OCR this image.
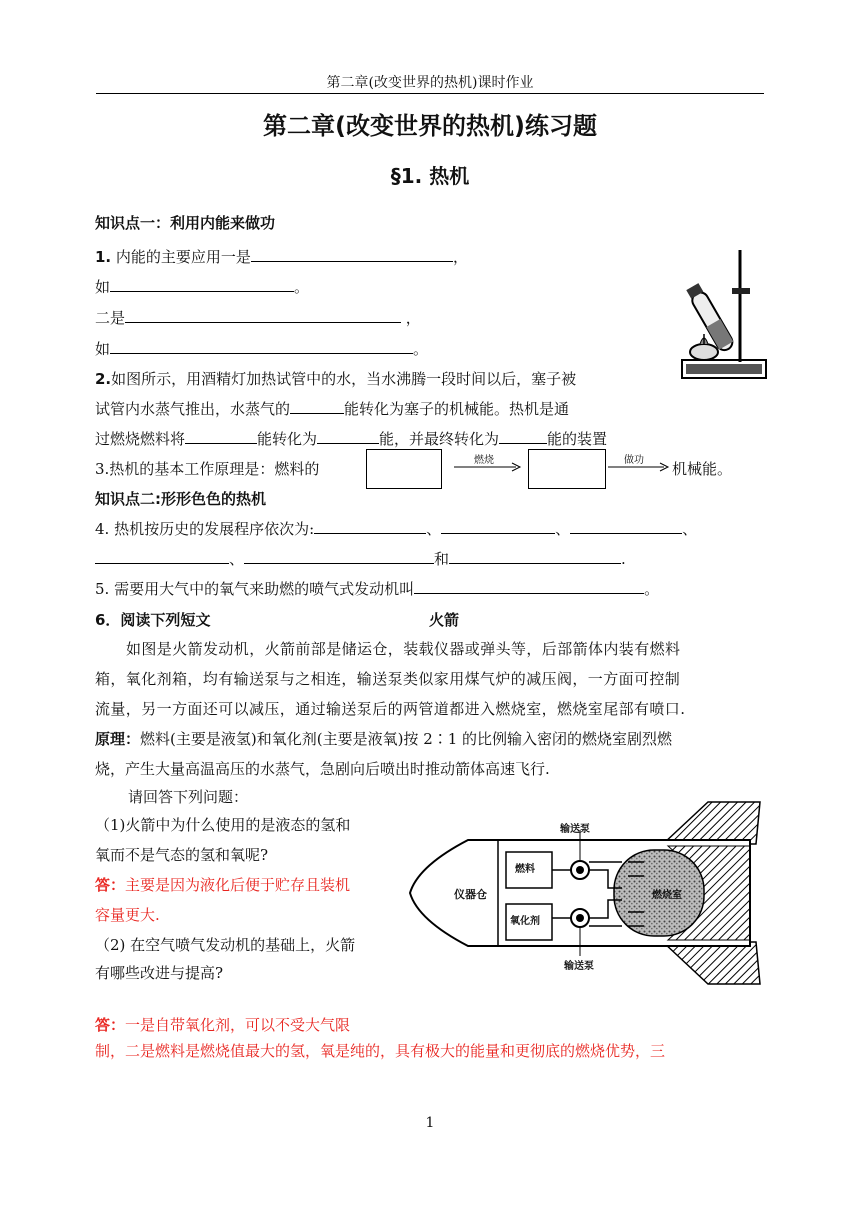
第二章(改变世界的热机)课时作业
第二章(改变世界的热机)练习题
§1. 热机
知识点一：利用内能来做功
1. 内能的主要应用一是	，
如	。
二是	，
如	。
2.如图所示，用酒精灯加热试管中的水，当水沸腾一段时间以后，塞子被
试管内水蒸气推出，水蒸气的	能转化为塞子的机械能。热机是通
过燃烧燃料将	能转化为	能，并最终转化为	能的装置
3.热机的基本工作原理是：燃料的	燃烧	做功 机械能。
知识点二:形形色色的热机
4. 热机按历史的发展程序依次为:	、	、	、
、	和	.
5. 需要用大气中的氧气来助燃的喷气式发动机叫	。
6．阅读下列短文	火箭
如图是火箭发动机，火箭前部是储运仓，装载仪器或弹头等，后部箭体内装有燃料
箱，氧化剂箱，均有输送泵与之相连，输送泵类似家用煤气炉的减压阀，一方面可控制
流量，另一方面还可以减压，通过输送泵后的两管道都进入燃烧室，燃烧室尾部有喷口.
原理：燃料(主要是液氢)和氧化剂(主要是液氧)按 2∶1 的比例输入密闭的燃烧室剧烈燃
烧，产生大量高温高压的水蒸气，急剧向后喷出时推动箭体高速飞行.
请回答下列问题：
（1)火箭中为什么使用的是液态的氢和
氧而不是气态的氢和氧呢?
答：主要是因为液化后便于贮存且装机
容量更大.
（2) 在空气喷气发动机的基础上，火箭
有哪些改进与提高?
答：一是自带氧化剂，可以不受大气限
制，二是燃料是燃烧值最大的氢，氧是纯的，具有极大的能量和更彻底的燃烧优势，三
输送泵
输送泵
燃料
氧化剂
仪器仓	燃烧室
1
